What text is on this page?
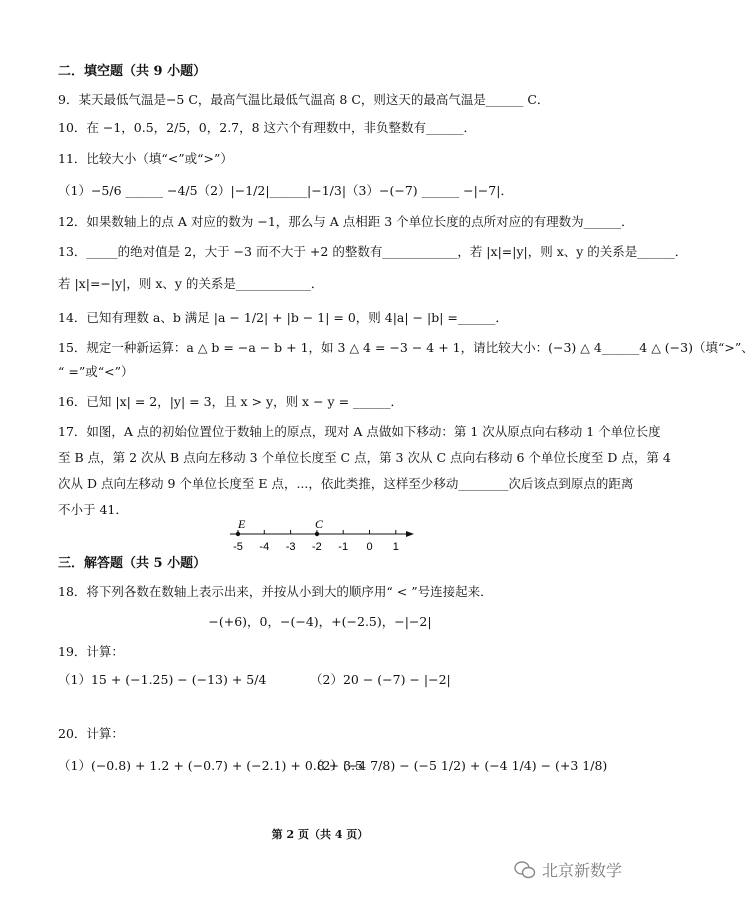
二．填空题（共 9 小题）
9．某天最低气温是−5 C，最高气温比最低气温高 8 C，则这天的最高气温是______ C．
10．在 −1，0.5，2/5，0，2.7，8 这六个有理数中，非负整数有______．
11．比较大小（填“<”或“>”）
（1）−5/6 ______ −4/5（2）|−1/2|______|−1/3|（3）−(−7) ______ −|−7|．
12．如果数轴上的点 A 对应的数为 −1，那么与 A 点相距 3 个单位长度的点所对应的有理数为______．
13．_____的绝对值是 2，大于 −3 而不大于 +2 的整数有____________，若 |x|=|y|，则 x、y 的关系是______．
若 |x|=−|y|，则 x、y 的关系是____________．
14．已知有理数 a、b 满足 |a − 1/2| + |b − 1| = 0，则 4|a| − |b| =______．
15．规定一种新运算：a △ b = −a − b + 1，如 3 △ 4 = −3 − 4 + 1，请比较大小：(−3) △ 4______4 △ (−3)（填“>”、
“ =”或“<”）
16．已知 |x| = 2，|y| = 3，且 x > y，则 x − y = ______．
17．如图，A 点的初始位置位于数轴上的原点，现对 A 点做如下移动：第 1 次从原点向右移动 1 个单位长度
至 B 点，第 2 次从 B 点向左移动 3 个单位长度至 C 点，第 3 次从 C 点向右移动 6 个单位长度至 D 点，第 4
次从 D 点向左移动 9 个单位长度至 E 点，...，依此类推，这样至少移动________次后该点到原点的距离
不小于 41．
-5 -4 -3 -2 -1 0 1
E	C
三．解答题（共 5 小题）
18．将下列各数在数轴上表示出来，并按从小到大的顺序用“ < ”号连接起来．
−(+6)，0，−(−4)，+(−2.5)，−|−2|
19．计算：
（1）15 + (−1.25) − (−13) + 5/4	（2）20 − (−7) − |−2|
20．计算：
（1）(−0.8) + 1.2 + (−0.7) + (−2.1) + 0.8 + 3.5
（2）(−4 7/8) − (−5 1/2) + (−4 1/4) − (+3 1/8)
第 2 页（共 4 页）
北京新数学
